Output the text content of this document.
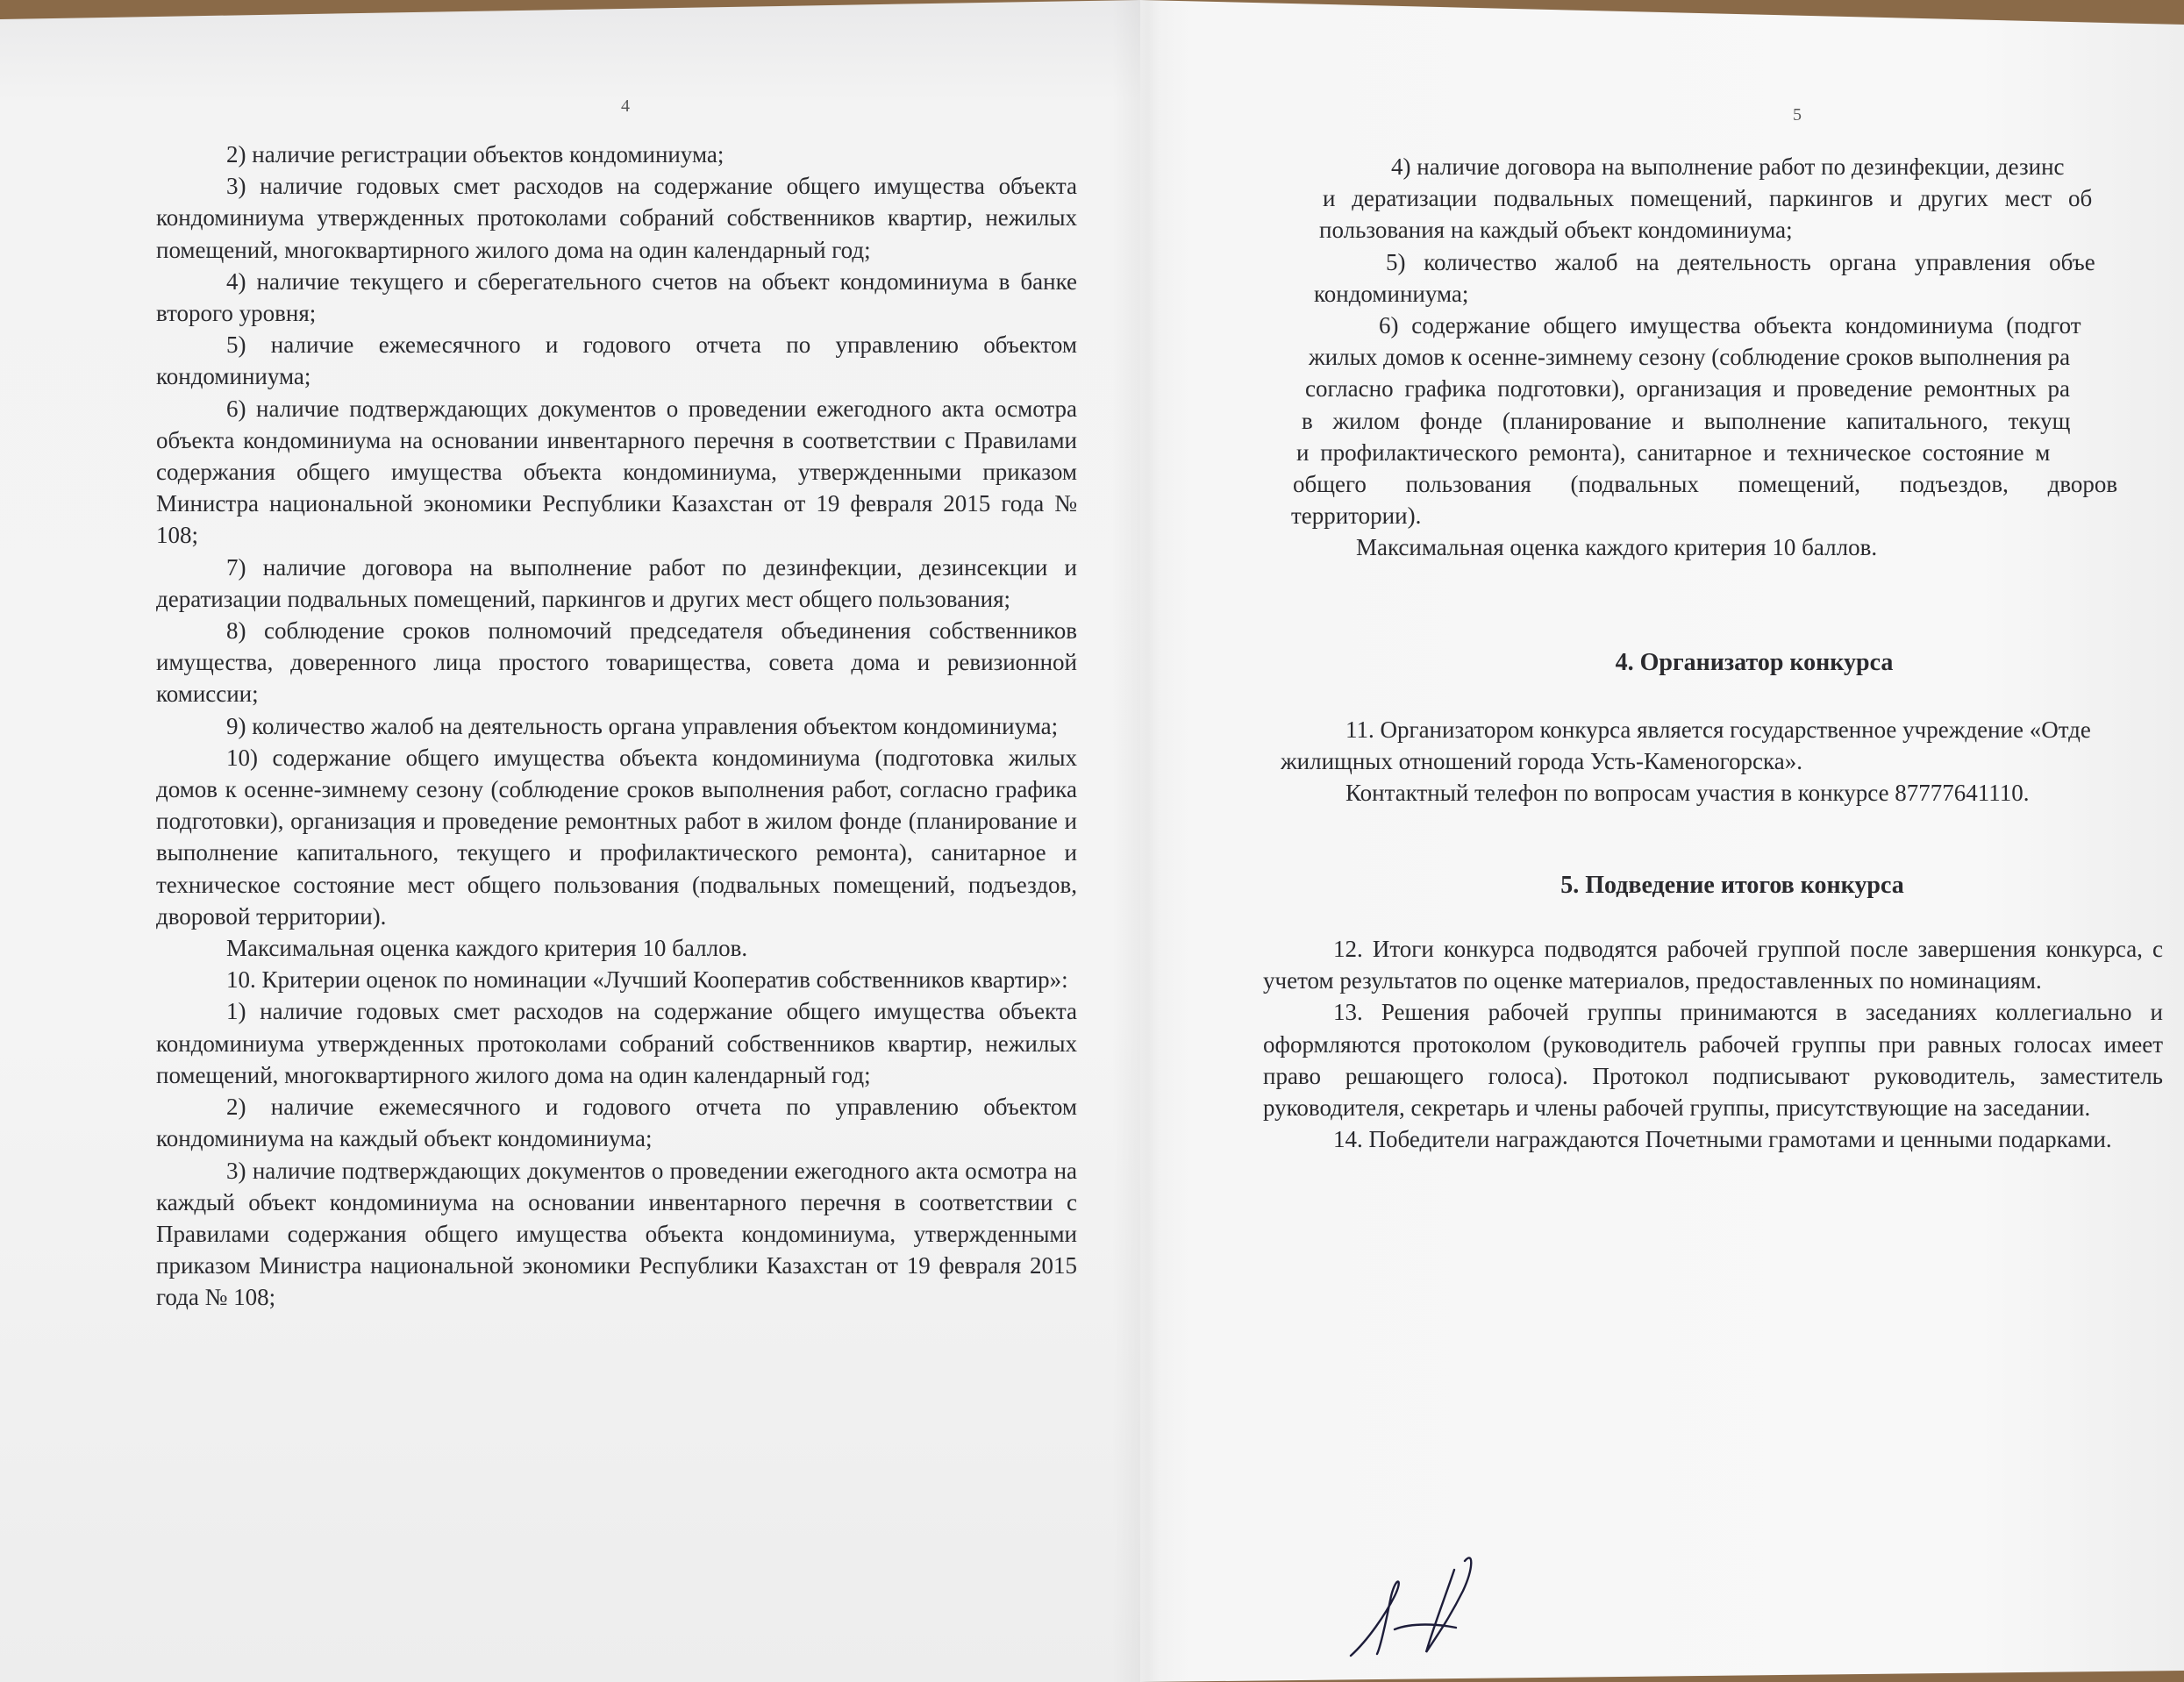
4

2) наличие регистрации объектов кондоминиума;

3) наличие годовых смет расходов на содержание общего имущества объекта кондоминиума утвержденных протоколами собраний собственников квартир, нежилых помещений, многоквартирного жилого дома на один календарный год;

4) наличие текущего и сберегательного счетов на объект кондоминиума в банке второго уровня;

5) наличие ежемесячного и годового отчета по управлению объектом кондоминиума;

6) наличие подтверждающих документов о проведении ежегодного акта осмотра объекта кондоминиума на основании инвентарного перечня в соответствии с Правилами содержания общего имущества объекта кондоминиума, утвержденными приказом Министра национальной экономики Республики Казахстан от 19 февраля 2015 года № 108;

7) наличие договора на выполнение работ по дезинфекции, дезинсекции и дератизации подвальных помещений, паркингов и других мест общего пользования;

8) соблюдение сроков полномочий председателя объединения собственников имущества, доверенного лица простого товарищества, совета дома и ревизионной комиссии;

9) количество жалоб на деятельность органа управления объектом кондоминиума;

10) содержание общего имущества объекта кондоминиума (подготовка жилых домов к осенне-зимнему сезону (соблюдение сроков выполнения работ, согласно графика подготовки), организация и проведение ремонтных работ в жилом фонде (планирование и выполнение капитального, текущего и профилактического ремонта), санитарное и техническое состояние мест общего пользования (подвальных помещений, подъездов, дворовой территории).

Максимальная оценка каждого критерия 10 баллов.

10. Критерии оценок по номинации «Лучший Кооператив собственников квартир»:

1) наличие годовых смет расходов на содержание общего имущества объекта кондоминиума утвержденных протоколами собраний собственников квартир, нежилых помещений, многоквартирного жилого дома на один календарный год;

2) наличие ежемесячного и годового отчета по управлению объектом кондоминиума на каждый объект кондоминиума;

3) наличие подтверждающих документов о проведении ежегодного акта осмотра на каждый объект кондоминиума на основании инвентарного перечня в соответствии с Правилами содержания общего имущества объекта кондоминиума, утвержденными приказом Министра национальной экономики Республики Казахстан от 19 февраля 2015 года № 108;

5

4) наличие договора на выполнение работ по дезинфекции, дезинс

и дератизации подвальных помещений, паркингов и других мест об

пользования на каждый объект кондоминиума;

5) количество жалоб на деятельность органа управления объе

кондоминиума;

6) содержание общего имущества объекта кондоминиума (подгот

жилых домов к осенне-зимнему сезону (соблюдение сроков выполнения ра

согласно графика подготовки), организация и проведение ремонтных ра

в жилом фонде (планирование и выполнение капитального, текущ

и профилактического ремонта), санитарное и техническое состояние м

общего пользования (подвальных помещений, подъездов, дворов

территории).

Максимальная оценка каждого критерия 10 баллов.

4. Организатор конкурса

11. Организатором конкурса является государственное учреждение «Отде

жилищных отношений города Усть-Каменогорска».

Контактный телефон по вопросам участия в конкурсе 87777641110.

5. Подведение итогов конкурса

12. Итоги конкурса подводятся рабочей группой после завершения конкурса, с учетом результатов по оценке материалов, предоставленных по номинациям.

13. Решения рабочей группы принимаются в заседаниях коллегиально и оформляются протоколом (руководитель рабочей группы при равных голосах имеет право решающего голоса). Протокол подписывают руководитель, заместитель руководителя, секретарь и члены рабочей группы, присутствующие на заседании.

14. Победители награждаются Почетными грамотами и ценными подарками.
